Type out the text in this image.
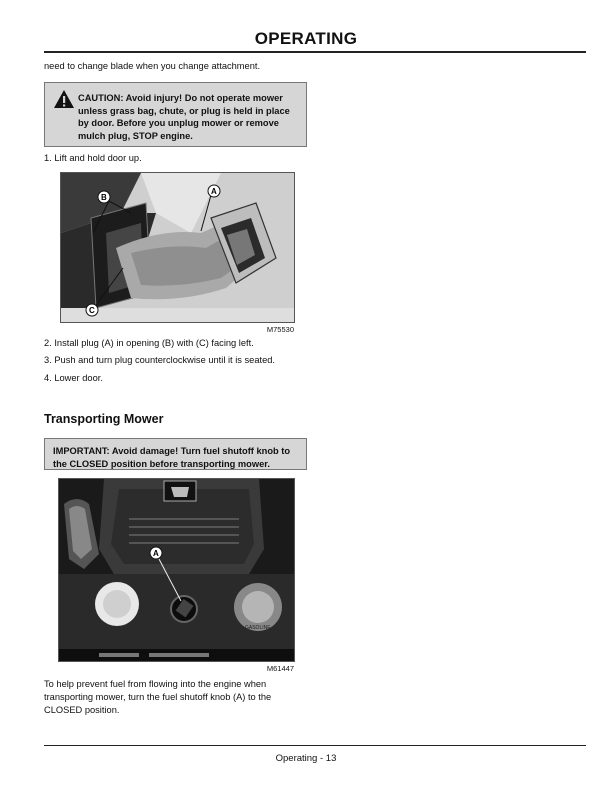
OPERATING
need to change blade when you change attachment.
CAUTION: Avoid injury! Do not operate mower unless grass bag, chute, or plug is held in place by door. Before you unplug mower or remove mulch plug, STOP engine.
1. Lift and hold door up.
A
B
C
M75530
2. Install plug (A) in opening (B) with (C) facing left.
3. Push and turn plug counterclockwise until it is seated.
4. Lower door.
Transporting Mower
IMPORTANT: Avoid damage! Turn fuel shutoff knob to the CLOSED position before transporting mower.
GASOLINE
A
M61447
To help prevent fuel from flowing into the engine when transporting mower, turn the fuel shutoff knob (A) to the CLOSED position.
Operating - 13
